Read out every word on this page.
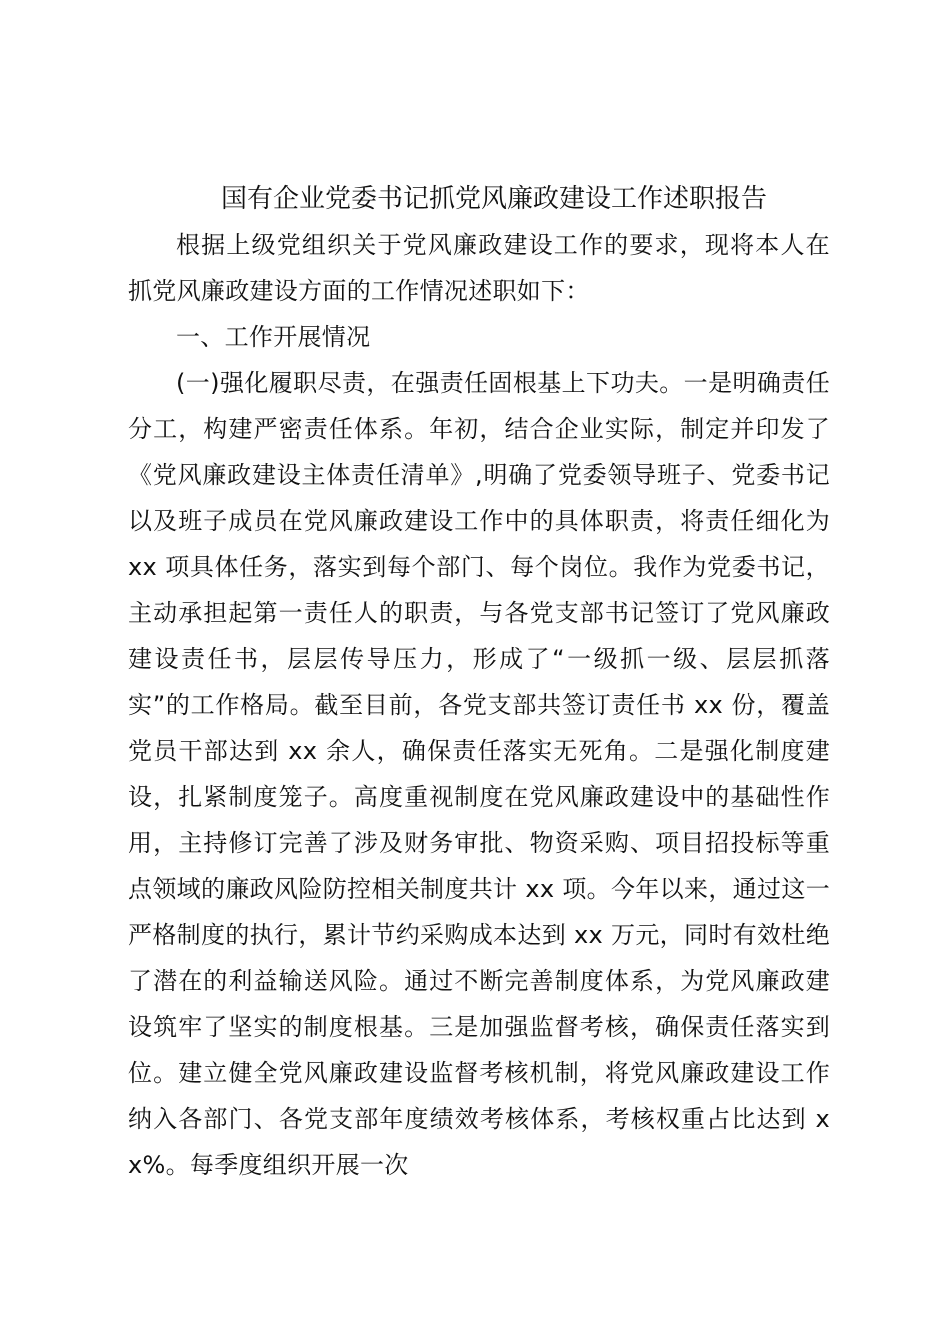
国有企业党委书记抓党风廉政建设工作述职报告

根据上级党组织关于党风廉政建设工作的要求，现将本人在抓党风廉政建设方面的工作情况述职如下：

一、工作开展情况

(一)强化履职尽责，在强责任固根基上下功夫。一是明确责任分工，构建严密责任体系。年初，结合企业实际，制定并印发了《党风廉政建设主体责任清单》,明确了党委领导班子、党委书记以及班子成员在党风廉政建设工作中的具体职责，将责任细化为 xx 项具体任务，落实到每个部门、每个岗位。我作为党委书记，主动承担起第一责任人的职责，与各党支部书记签订了党风廉政建设责任书，层层传导压力，形成了“一级抓一级、层层抓落实”的工作格局。截至目前，各党支部共签订责任书 xx 份，覆盖党员干部达到 xx 余人，确保责任落实无死角。二是强化制度建设，扎紧制度笼子。高度重视制度在党风廉政建设中的基础性作用，主持修订完善了涉及财务审批、物资采购、项目招投标等重点领域的廉政风险防控相关制度共计 xx 项。今年以来，通过这一严格制度的执行，累计节约采购成本达到 xx 万元，同时有效杜绝了潜在的利益输送风险。通过不断完善制度体系，为党风廉政建设筑牢了坚实的制度根基。三是加强监督考核，确保责任落实到位。建立健全党风廉政建设监督考核机制，将党风廉政建设工作纳入各部门、各党支部年度绩效考核体系，考核权重占比达到 xx%。每季度组织开展一次
